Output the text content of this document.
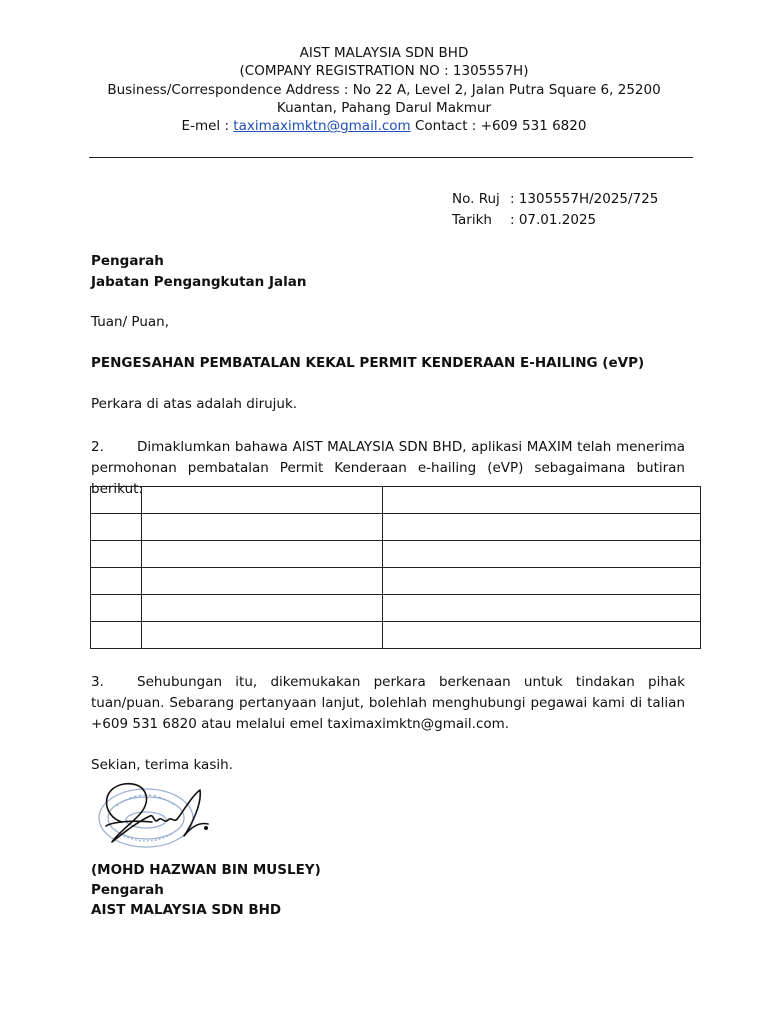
AIST MALAYSIA SDN BHD
(COMPANY REGISTRATION NO : 1305557H)
Business/Correspondence Address : No 22 A, Level 2, Jalan Putra Square 6, 25200
Kuantan, Pahang Darul Makmur
E-mel : taximaximktn@gmail.com Contact : +609 531 6820
No. Ruj : 1305557H/2025/725
Tarikh : 07.01.2025
Pengarah
Jabatan Pengangkutan Jalan
Tuan/ Puan,
PENGESAHAN PEMBATALAN KEKAL PERMIT KENDERAAN E-HAILING (eVP)
Perkara di atas adalah dirujuk.
2. Dimaklumkan bahawa AIST MALAYSIA SDN BHD, aplikasi MAXIM telah menerima permohonan pembatalan Permit Kenderaan e-hailing (eVP) sebagaimana butiran berikut:

3. Sehubungan itu, dikemukakan perkara berkenaan untuk tindakan pihak tuan/puan. Sebarang pertanyaan lanjut, bolehlah menghubungi pegawai kami di talian +609 531 6820 atau melalui emel taximaximktn@gmail.com.
Sekian, terima kasih.
(MOHD HAZWAN BIN MUSLEY)
Pengarah
AIST MALAYSIA SDN BHD
